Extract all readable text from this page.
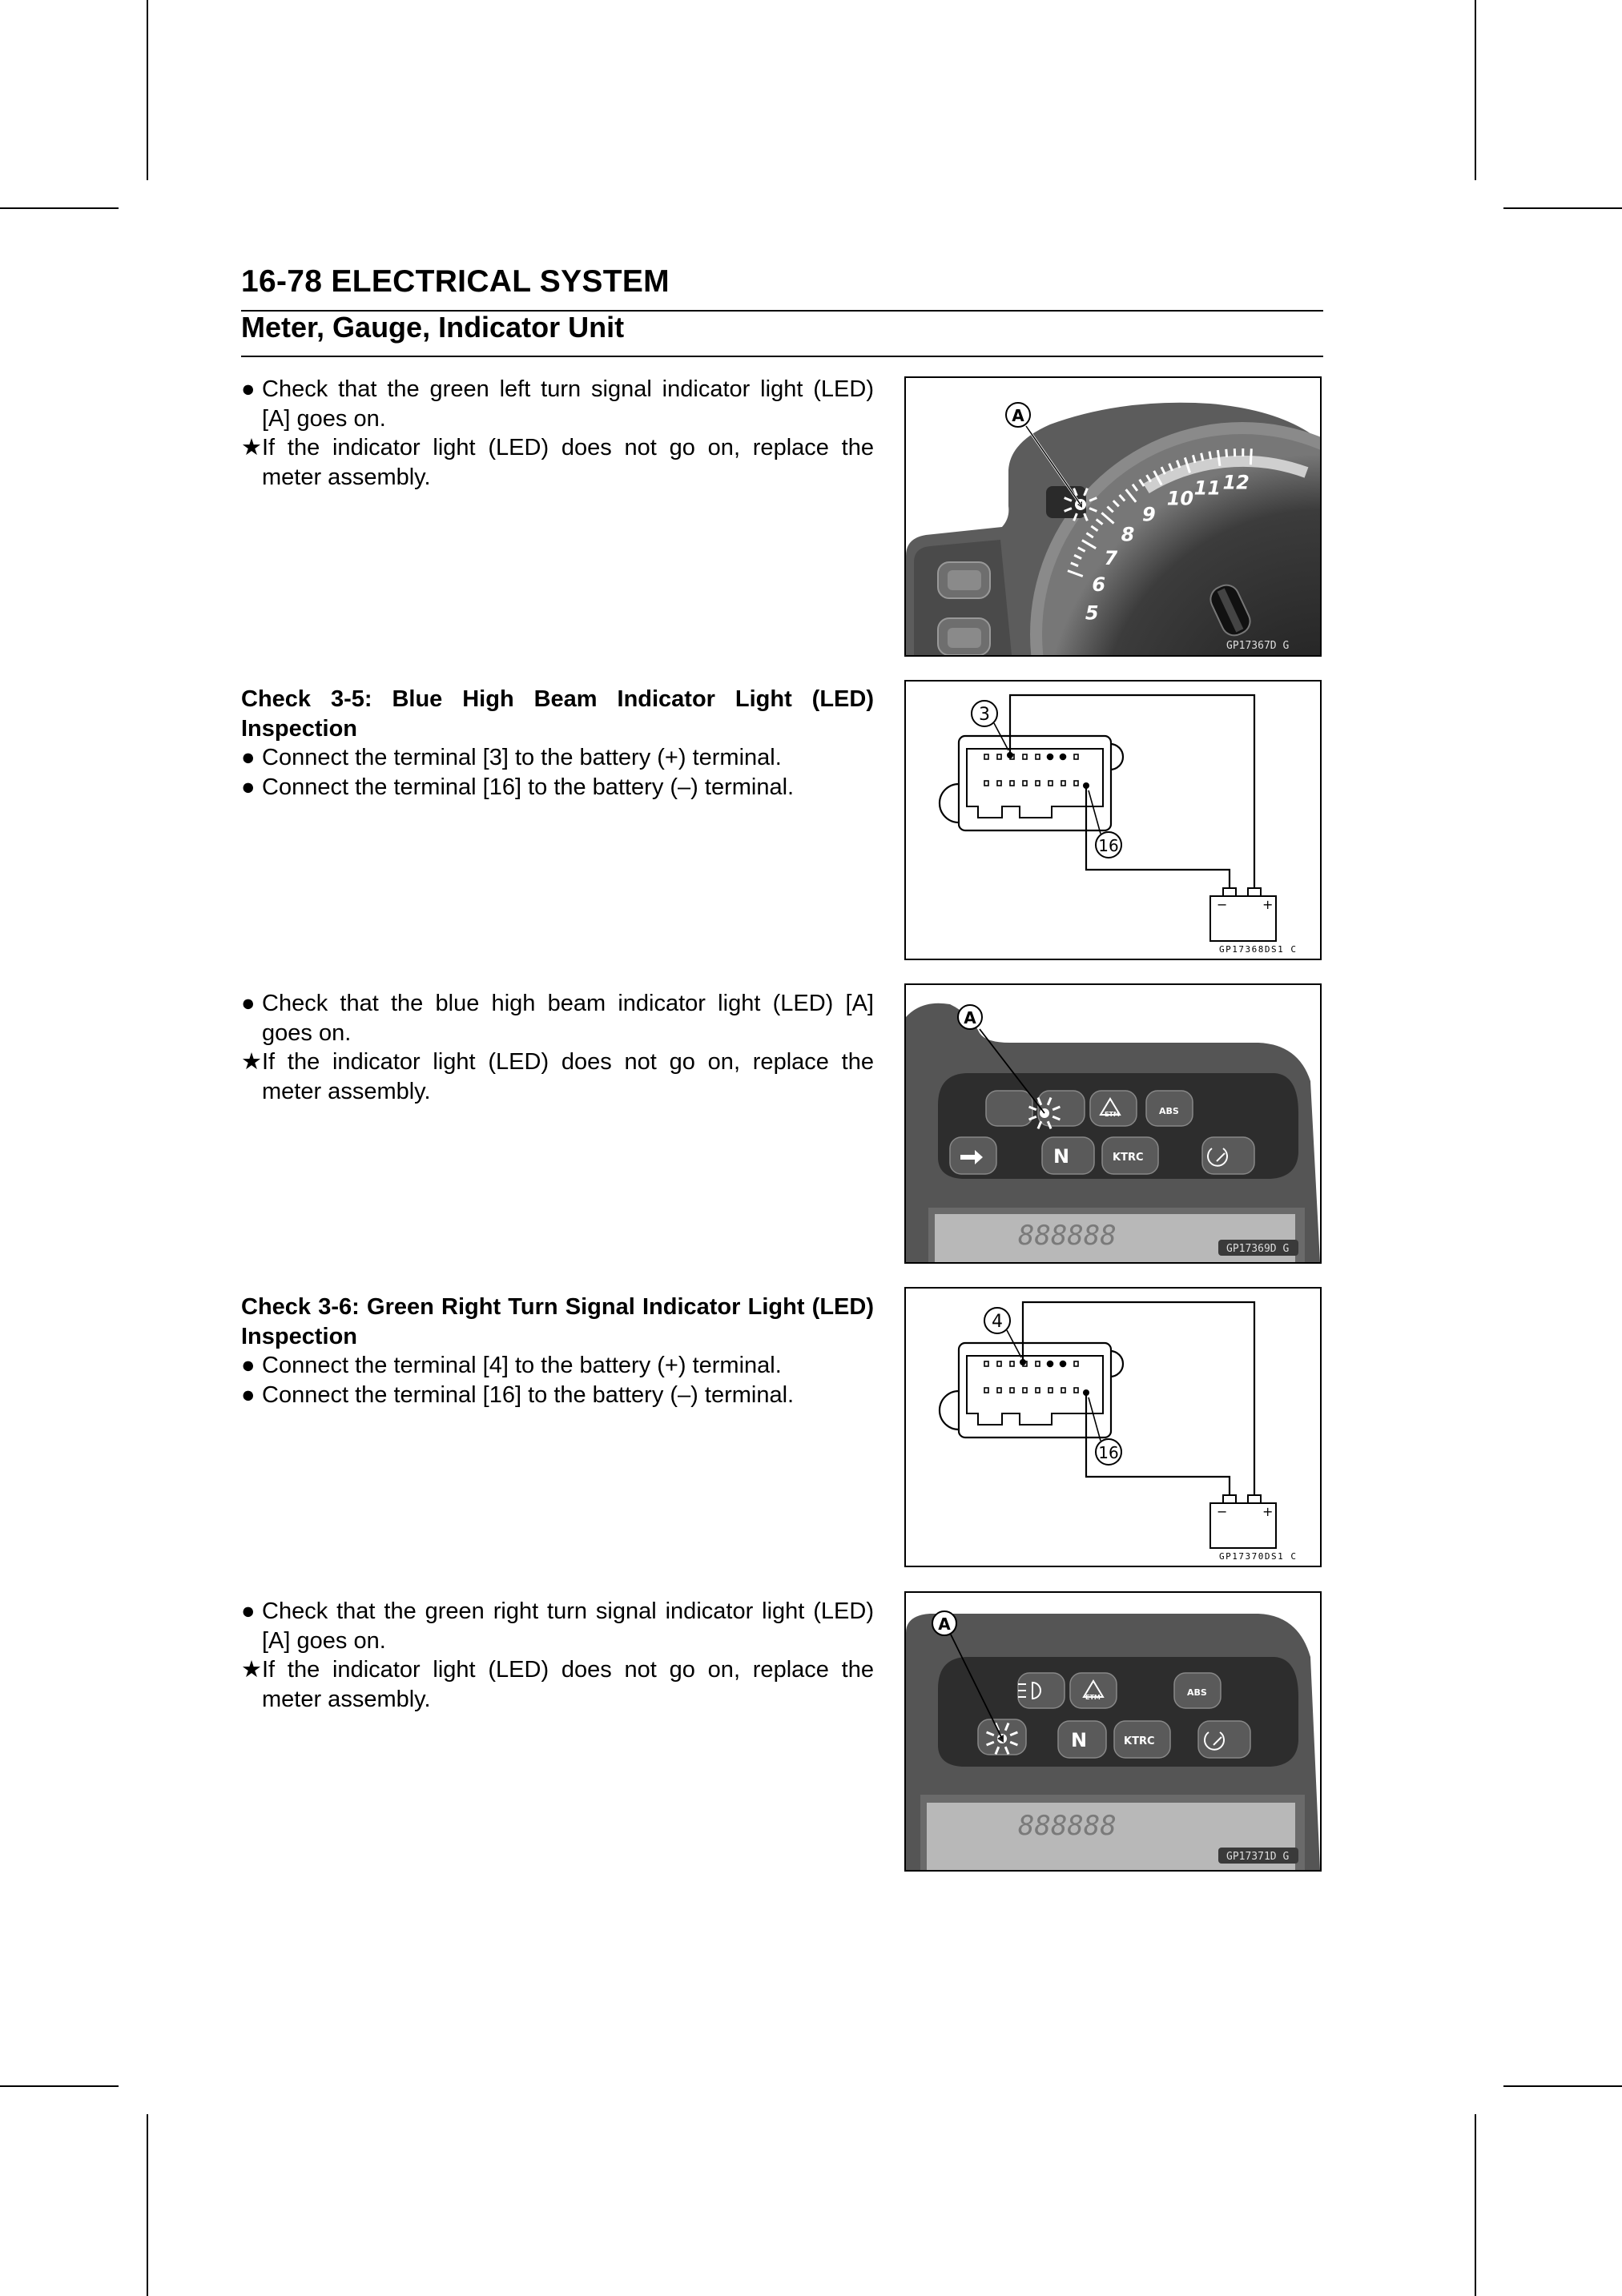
16-78 ELECTRICAL SYSTEM
Meter, Gauge, Indicator Unit
● Check that the green left turn signal indicator light (LED) [A] goes on.
★ If the indicator light (LED) does not go on, replace the meter assembly.
Check 3-5: Blue High Beam Indicator Light (LED) Inspection
● Connect the terminal [3] to the battery (+) terminal.
● Connect the terminal [16] to the battery (–) terminal.
● Check that the blue high beam indicator light (LED) [A] goes on.
★ If the indicator light (LED) does not go on, replace the meter assembly.
Check 3-6: Green Right Turn Signal Indicator Light (LED) Inspection
● Connect the terminal [4] to the battery (+) terminal.
● Connect the terminal [16] to the battery (–) terminal.
● Check that the green right turn signal indicator light (LED) [A] goes on.
★ If the indicator light (LED) does not go on, replace the meter assembly.
5
6
7
8
9
10 11 12
A
GP17367D G
3
16
−	+
GP17368DS1 C
N	KTRC
ABS
ETM
A
888888	GP17369D G
4
16
−	+
GP17370DS1 C
N	KTRC
ABS
ETM
A
888888
GP17371D G
